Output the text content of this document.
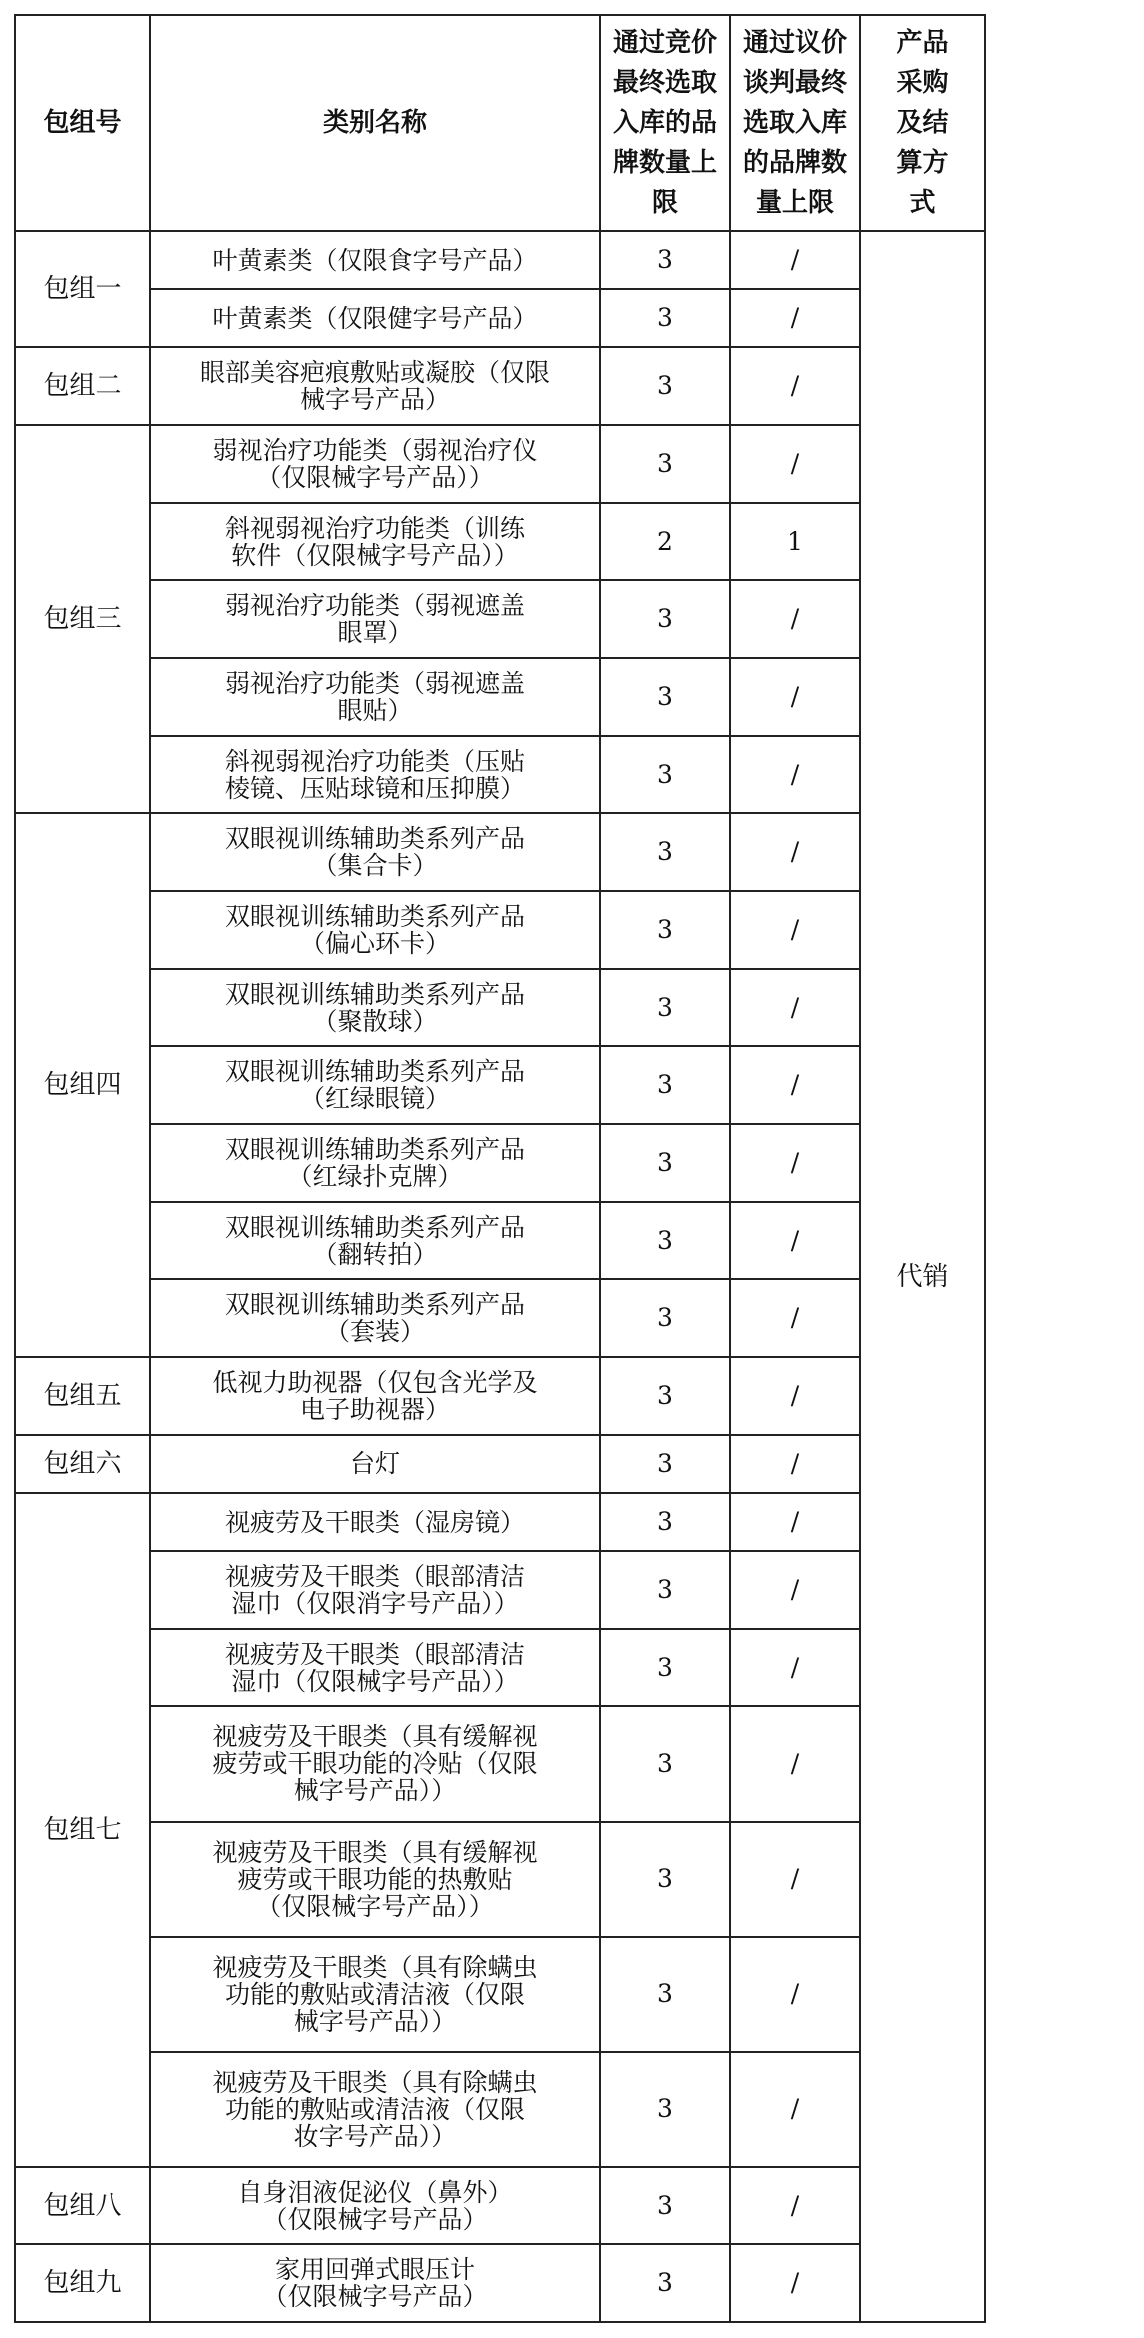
包组号	类别名称	通过竞价
最终选取
入库的品
牌数量上
限	通过议价
谈判最终
选取入库
的品牌数
量上限	产品
采购
及结
算方
式

包组一	叶黄素类（仅限食字号产品）	3	/	代销

	叶黄素类（仅限健字号产品）	3	/	
包组二	眼部美容疤痕敷贴或凝胶（仅限
械字号产品）	3	/	
包组三	弱视治疗功能类（弱视治疗仪
（仅限械字号产品））	3	/	

	斜视弱视治疗功能类（训练
软件（仅限械字号产品））	2	1	

	弱视治疗功能类（弱视遮盖
眼罩）	3	/	

	弱视治疗功能类（弱视遮盖
眼贴）	3	/	

	斜视弱视治疗功能类（压贴
棱镜、压贴球镜和压抑膜）	3	/	
包组四	双眼视训练辅助类系列产品
（集合卡）	3	/	

	双眼视训练辅助类系列产品
（偏心环卡）	3	/	

	双眼视训练辅助类系列产品
（聚散球）	3	/	

	双眼视训练辅助类系列产品
（红绿眼镜）	3	/	

	双眼视训练辅助类系列产品
（红绿扑克牌）	3	/	

	双眼视训练辅助类系列产品
（翻转拍）	3	/	

	双眼视训练辅助类系列产品
（套装）	3	/	
包组五	低视力助视器（仅包含光学及
电子助视器）	3	/	
包组六	台灯	3	/	
包组七	视疲劳及干眼类（湿房镜）	3	/	

	视疲劳及干眼类（眼部清洁
湿巾（仅限消字号产品））	3	/	

	视疲劳及干眼类（眼部清洁
湿巾（仅限械字号产品））	3	/	

	视疲劳及干眼类（具有缓解视
疲劳或干眼功能的冷贴（仅限
械字号产品））	3	/	

	视疲劳及干眼类（具有缓解视
疲劳或干眼功能的热敷贴
（仅限械字号产品））	3	/	

	视疲劳及干眼类（具有除螨虫
功能的敷贴或清洁液（仅限
械字号产品））	3	/	

	视疲劳及干眼类（具有除螨虫
功能的敷贴或清洁液（仅限
妆字号产品））	3	/	
包组八	自身泪液促泌仪（鼻外）
（仅限械字号产品）	3	/	
包组九	家用回弹式眼压计
（仅限械字号产品）	3	/	
